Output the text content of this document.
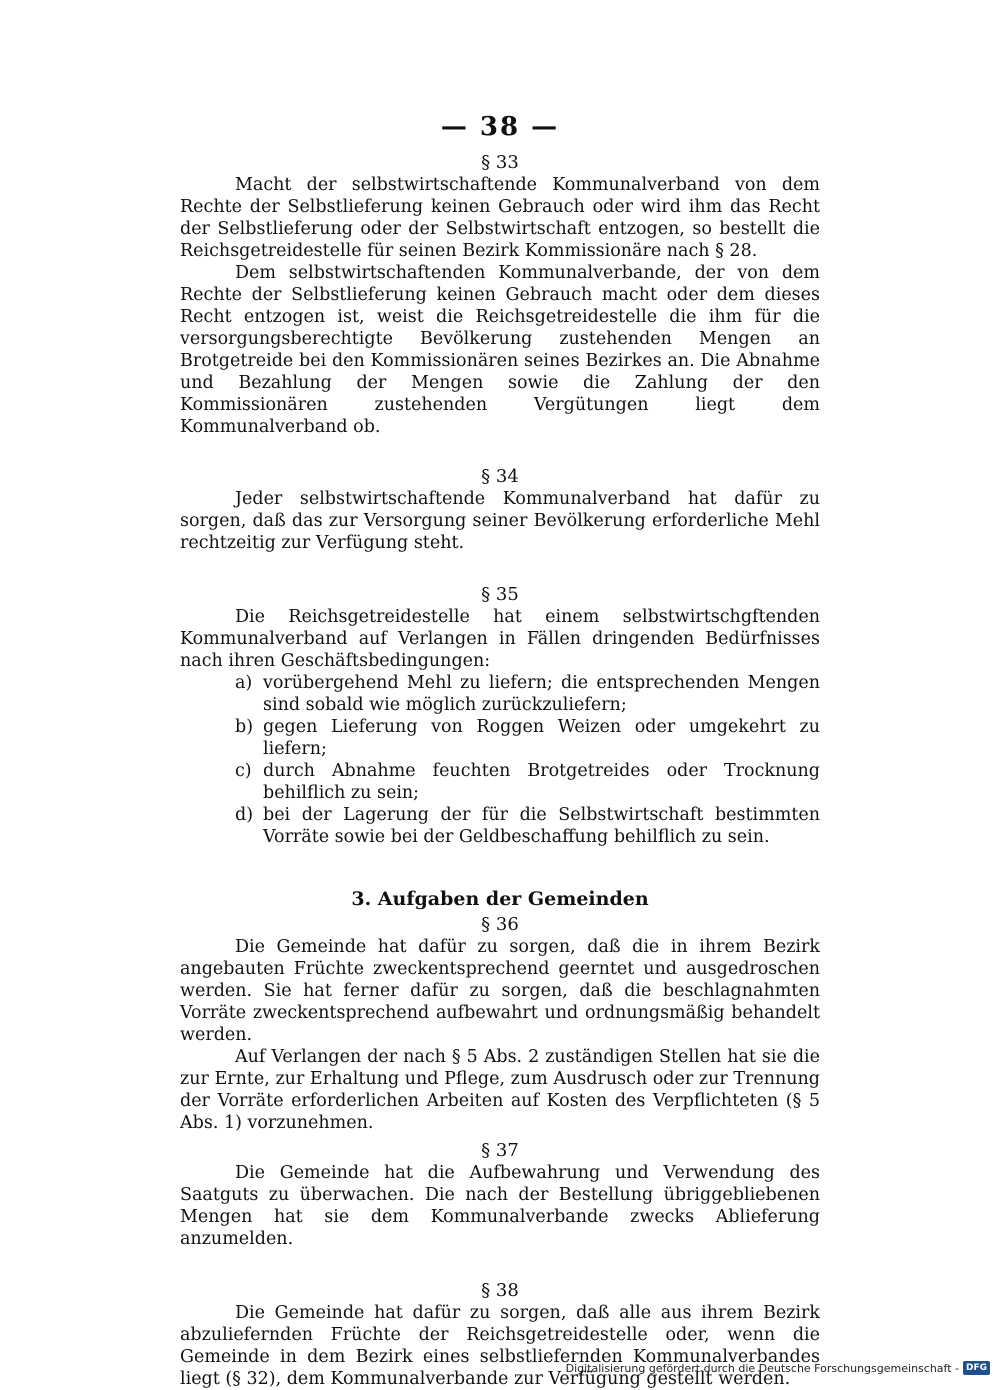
— 38 —
§ 33

Macht der selbstwirtschaftende Kommunalverband von dem Rechte der Selbstlieferung keinen Gebrauch oder wird ihm das Recht der Selbstlieferung oder der Selbstwirtschaft entzogen, so bestellt die Reichsgetreidestelle für seinen Bezirk Kommissionäre nach § 28.

Dem selbstwirtschaftenden Kommunalverbande, der von dem Rechte der Selbstlieferung keinen Gebrauch macht oder dem dieses Recht entzogen ist, weist die Reichsgetreidestelle die ihm für die versorgungsberechtigte Bevölkerung zustehenden Mengen an Brotgetreide bei den Kommissionären seines Bezirkes an. Die Abnahme und Bezahlung der Mengen sowie die Zahlung der den Kommissionären zustehenden Vergütungen liegt dem Kommunalverband ob.

§ 34

Jeder selbstwirtschaftende Kommunalverband hat dafür zu sorgen, daß das zur Versorgung seiner Bevölkerung erforderliche Mehl rechtzeitig zur Verfügung steht.

§ 35

Die Reichsgetreidestelle hat einem selbstwirtschgftenden Kommunalverband auf Verlangen in Fällen dringenden Bedürfnisses nach ihren Geschäftsbedingungen:

a) vorübergehend Mehl zu liefern; die entsprechenden Mengen sind sobald wie möglich zurückzuliefern;
b) gegen Lieferung von Roggen Weizen oder umgekehrt zu liefern;
c) durch Abnahme feuchten Brotgetreides oder Trocknung behilflich zu sein;
d) bei der Lagerung der für die Selbstwirtschaft bestimmten Vorräte sowie bei der Geldbeschaffung behilflich zu sein.
3. Aufgaben der Gemeinden
§ 36

Die Gemeinde hat dafür zu sorgen, daß die in ihrem Bezirk angebauten Früchte zweckentsprechend geerntet und ausgedroschen werden. Sie hat ferner dafür zu sorgen, daß die beschlagnahmten Vorräte zweckentsprechend aufbewahrt und ordnungsmäßig behandelt werden.

Auf Verlangen der nach § 5 Abs. 2 zuständigen Stellen hat sie die zur Ernte, zur Erhaltung und Pflege, zum Ausdrusch oder zur Trennung der Vorräte erforderlichen Arbeiten auf Kosten des Verpflichteten (§ 5 Abs. 1) vorzunehmen.

§ 37

Die Gemeinde hat die Aufbewahrung und Verwendung des Saatguts zu überwachen. Die nach der Bestellung übriggebliebenen Mengen hat sie dem Kommunalverbande zwecks Ablieferung anzumelden.

§ 38

Die Gemeinde hat dafür zu sorgen, daß alle aus ihrem Bezirk abzuliefernden Früchte der Reichsgetreidestelle oder, wenn die Gemeinde in dem Bezirk eines selbstliefernden Kommunalverbandes liegt (§ 32), dem Kommunalverbande zur Verfügung gestellt werden.

Digitalisierung gefördert durch die Deutsche Forschungsgemeinschaft - DFG
